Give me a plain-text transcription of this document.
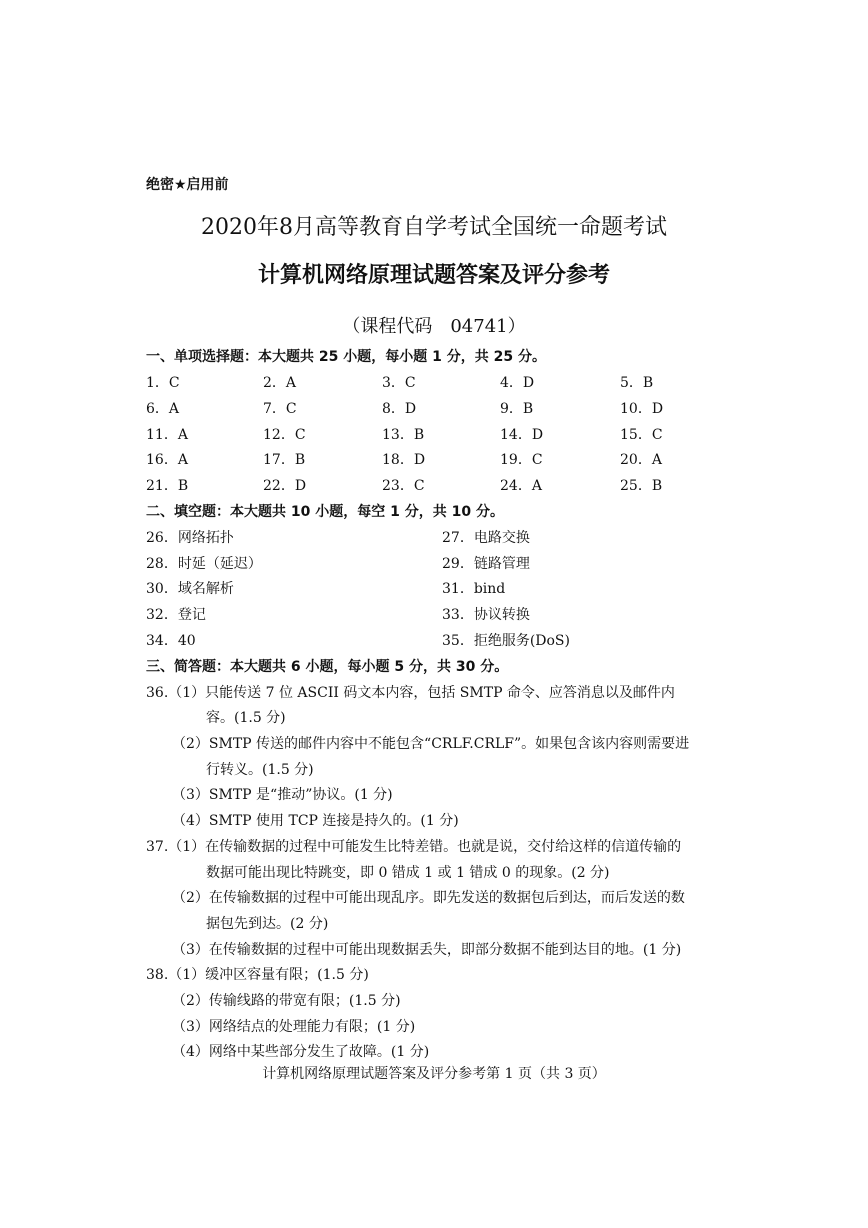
绝密★启用前
2020年8月高等教育自学考试全国统一命题考试
计算机网络原理试题答案及评分参考
（课程代码　04741）
一、单项选择题：本大题共 25 小题，每小题 1 分，共 25 分。
1．C	2．A	3．C	4．D	5．B
6．A	7．C	8．D	9．B	10．D
11．A	12．C	13．B	14．D	15．C
16．A	17．B	18．D	19．C	20．A
21．B	22．D	23．C	24．A	25．B
二、填空题：本大题共 10 小题，每空 1 分，共 10 分。
26．网络拓扑	27．电路交换
28．时延（延迟）	29．链路管理
30．域名解析	31．bind
32．登记	33．协议转换
34．40	35．拒绝服务(DoS)
三、简答题：本大题共 6 小题，每小题 5 分，共 30 分。
36.（1）只能传送 7 位 ASCII 码文本内容，包括 SMTP 命令、应答消息以及邮件内
容。(1.5 分)
（2）SMTP 传送的邮件内容中不能包含“CRLF.CRLF”。如果包含该内容则需要进
行转义。(1.5 分)
（3）SMTP 是“推动”协议。(1 分)
（4）SMTP 使用 TCP 连接是持久的。(1 分)
37.（1）在传输数据的过程中可能发生比特差错。也就是说，交付给这样的信道传输的
数据可能出现比特跳变，即 0 错成 1 或 1 错成 0 的现象。(2 分)
（2）在传输数据的过程中可能出现乱序。即先发送的数据包后到达，而后发送的数
据包先到达。(2 分)
（3）在传输数据的过程中可能出现数据丢失，即部分数据不能到达目的地。(1 分)
38.（1）缓冲区容量有限；(1.5 分)
（2）传输线路的带宽有限；(1.5 分)
（3）网络结点的处理能力有限；(1 分)
（4）网络中某些部分发生了故障。(1 分)
计算机网络原理试题答案及评分参考第 1 页（共 3 页）
